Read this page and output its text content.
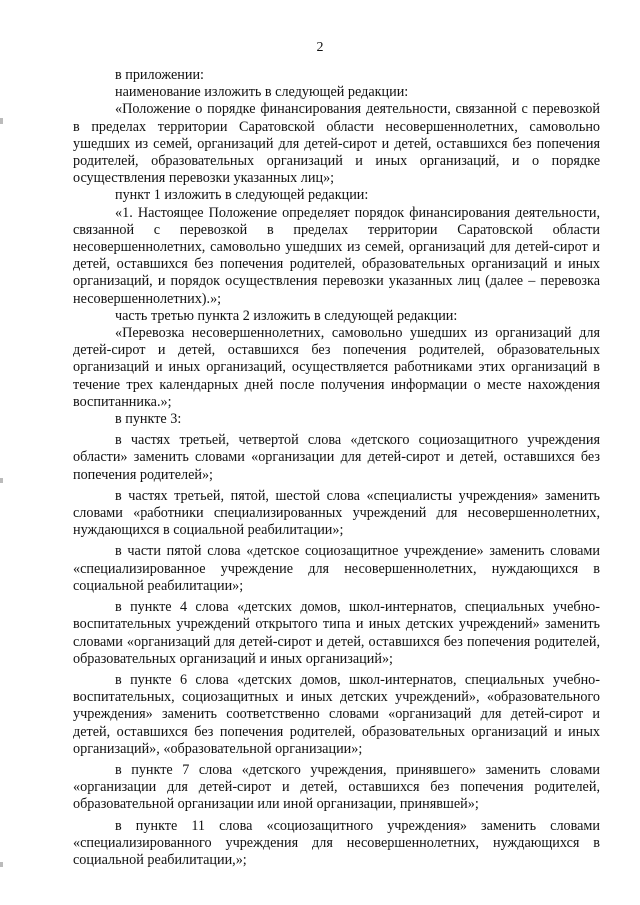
2

в приложении:

наименование изложить в следующей редакции:

«Положение о порядке финансирования деятельности, связанной с перевозкой в пределах территории Саратовской области несовершеннолетних, самовольно ушедших из семей, организаций для детей-сирот и детей, оставшихся без попечения родителей, образовательных организаций и иных организаций, и о порядке осуществления перевозки указанных лиц»;

пункт 1 изложить в следующей редакции:

«1. Настоящее Положение определяет порядок финансирования деятельности, связанной с перевозкой в пределах территории Саратовской области несовершеннолетних, самовольно ушедших из семей, организаций для детей-сирот и детей, оставшихся без попечения родителей, образовательных организаций и иных организаций, и порядок осуществления перевозки указанных лиц (далее – перевозка несовершеннолетних).»;

часть третью пункта 2 изложить в следующей редакции:

«Перевозка несовершеннолетних, самовольно ушедших из организаций для детей-сирот и детей, оставшихся без попечения родителей, образовательных организаций и иных организаций, осуществляется работниками этих организаций в течение трех календарных дней после получения информации о месте нахождения воспитанника.»;

в пункте 3:

в частях третьей, четвертой слова «детского социозащитного учреждения области» заменить словами «организации для детей-сирот и детей, оставшихся без попечения родителей»;

в частях третьей, пятой, шестой слова «специалисты учреждения» заменить словами «работники специализированных учреждений для несовершеннолетних, нуждающихся в социальной реабилитации»;

в части пятой слова «детское социозащитное учреждение» заменить словами «специализированное учреждение для несовершеннолетних, нуждающихся в социальной реабилитации»;

в пункте 4 слова «детских домов, школ-интернатов, специальных учебно-воспитательных учреждений открытого типа и иных детских учреждений» заменить словами «организаций для детей-сирот и детей, оставшихся без попечения родителей, образовательных организаций и иных организаций»;

в пункте 6 слова «детских домов, школ-интернатов, специальных учебно-воспитательных, социозащитных и иных детских учреждений», «образовательного учреждения» заменить соответственно словами «организаций для детей-сирот и детей, оставшихся без попечения родителей, образовательных организаций и иных организаций», «образовательной организации»;

в пункте 7 слова «детского учреждения, принявшего» заменить словами «организации для детей-сирот и детей, оставшихся без попечения родителей, образовательной организации или иной организации, принявшей»;

в пункте 11 слова «социозащитного учреждения» заменить словами «специализированного учреждения для несовершеннолетних, нуждающихся в социальной реабилитации,»;
